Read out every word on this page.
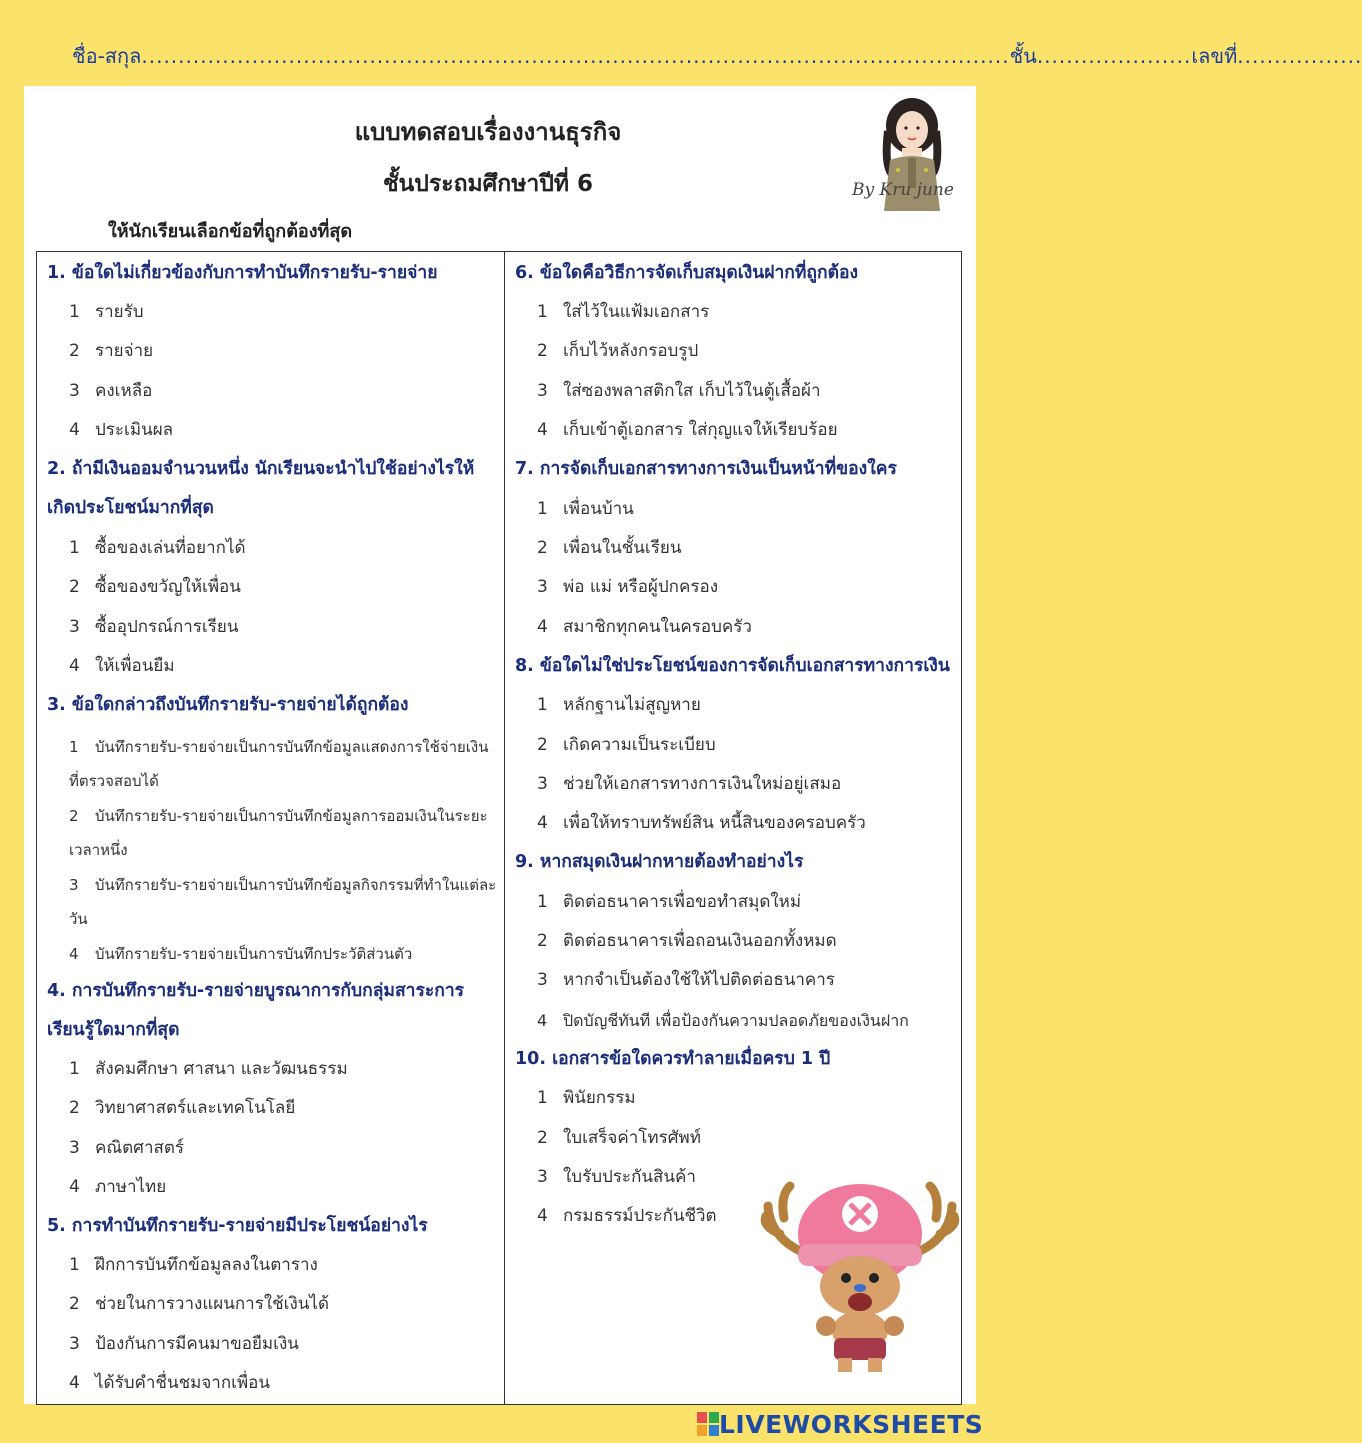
ชื่อ-สกุล......................................................................................................................ชั้น.....................เลขที่.................
แบบทดสอบเรื่องงานธุรกิจ
ชั้นประถมศึกษาปีที่ 6	By Kru june
ให้นักเรียนเลือกข้อที่ถูกต้องที่สุด
1. ข้อใดไม่เกี่ยวข้องกับการทำบันทึกรายรับ-รายจ่าย
1 รายรับ
2 รายจ่าย
3 คงเหลือ
4 ประเมินผล
2. ถ้ามีเงินออมจำนวนหนึ่ง นักเรียนจะนำไปใช้อย่างไรให้เกิดประโยชน์มากที่สุด
1 ซื้อของเล่นที่อยากได้
2 ซื้อของขวัญให้เพื่อน
3 ซื้ออุปกรณ์การเรียน
4 ให้เพื่อนยืม
3. ข้อใดกล่าวถึงบันทึกรายรับ-รายจ่ายได้ถูกต้อง
1 บันทึกรายรับ-รายจ่ายเป็นการบันทึกข้อมูลแสดงการใช้จ่ายเงินที่ตรวจสอบได้
2 บันทึกรายรับ-รายจ่ายเป็นการบันทึกข้อมูลการออมเงินในระยะเวลาหนึ่ง
3 บันทึกรายรับ-รายจ่ายเป็นการบันทึกข้อมูลกิจกรรมที่ทำในแต่ละวัน
4 บันทึกรายรับ-รายจ่ายเป็นการบันทึกประวัติส่วนตัว
4. การบันทึกรายรับ-รายจ่ายบูรณาการกับกลุ่มสาระการเรียนรู้ใดมากที่สุด
1 สังคมศึกษา ศาสนา และวัฒนธรรม
2 วิทยาศาสตร์และเทคโนโลยี
3 คณิตศาสตร์
4 ภาษาไทย
5. การทำบันทึกรายรับ-รายจ่ายมีประโยชน์อย่างไร
1 ฝึกการบันทึกข้อมูลลงในตาราง
2 ช่วยในการวางแผนการใช้เงินได้
3 ป้องกันการมีคนมาขอยืมเงิน
4 ได้รับคำชื่นชมจากเพื่อน
6. ข้อใดคือวิธีการจัดเก็บสมุดเงินฝากที่ถูกต้อง
1 ใส่ไว้ในแฟ้มเอกสาร
2 เก็บไว้หลังกรอบรูป
3 ใส่ซองพลาสติกใส เก็บไว้ในตู้เสื้อผ้า
4 เก็บเข้าตู้เอกสาร ใส่กุญแจให้เรียบร้อย
7. การจัดเก็บเอกสารทางการเงินเป็นหน้าที่ของใคร
1 เพื่อนบ้าน
2 เพื่อนในชั้นเรียน
3 พ่อ แม่ หรือผู้ปกครอง
4 สมาชิกทุกคนในครอบครัว
8. ข้อใดไม่ใช่ประโยชน์ของการจัดเก็บเอกสารทางการเงิน
1 หลักฐานไม่สูญหาย
2 เกิดความเป็นระเบียบ
3 ช่วยให้เอกสารทางการเงินใหม่อยู่เสมอ
4 เพื่อให้ทราบทรัพย์สิน หนี้สินของครอบครัว
9. หากสมุดเงินฝากหายต้องทำอย่างไร
1 ติดต่อธนาคารเพื่อขอทำสมุดใหม่
2 ติดต่อธนาคารเพื่อถอนเงินออกทั้งหมด
3 หากจำเป็นต้องใช้ให้ไปติดต่อธนาคาร
4 ปิดบัญชีทันที เพื่อป้องกันความปลอดภัยของเงินฝาก
10. เอกสารข้อใดควรทำลายเมื่อครบ 1 ปี
1 พินัยกรรม
2 ใบเสร็จค่าโทรศัพท์
3 ใบรับประกันสินค้า
4 กรมธรรม์ประกันชีวิต
LIVEWORKSHEETS
